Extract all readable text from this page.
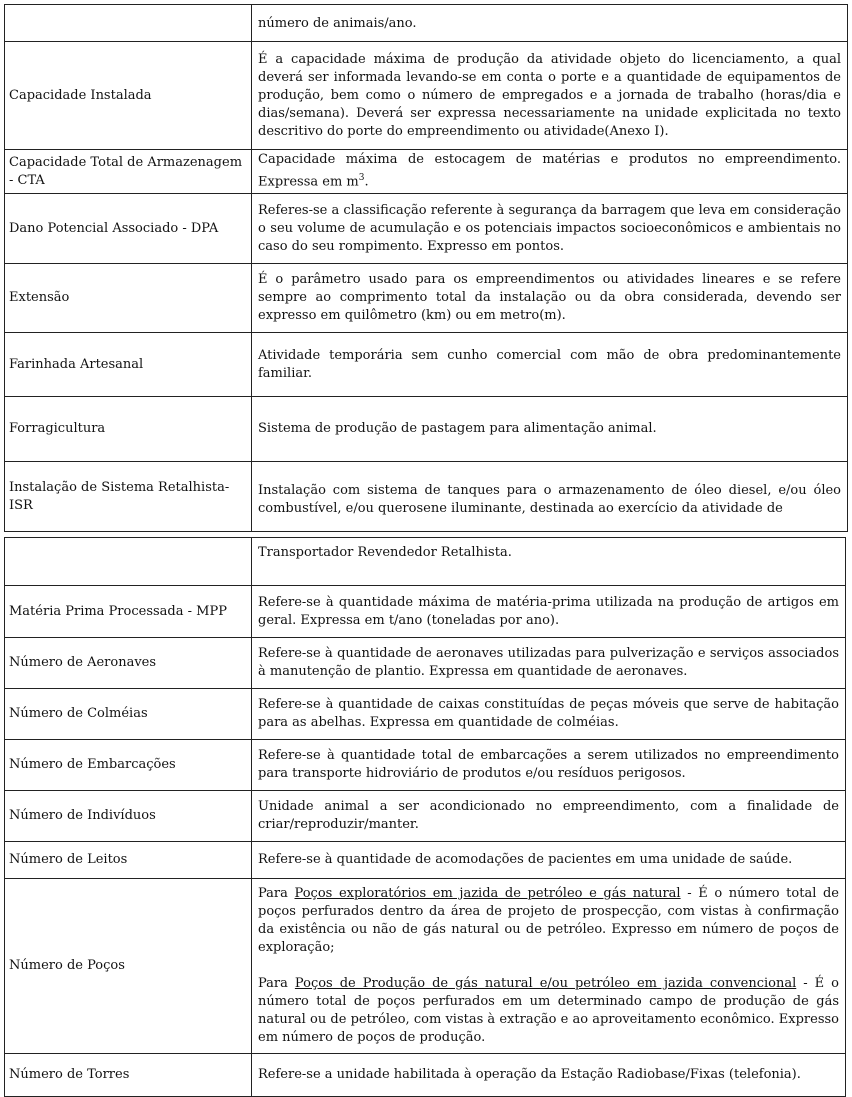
	número de animais/ano.
Capacidade Instalada	É a capacidade máxima de produção da atividade objeto do licenciamento, a qual deverá ser informada levando-se em conta o porte e a quantidade de equipamentos de produção, bem como o número de empregados e a jornada de trabalho (horas/dia e dias/semana). Deverá ser expressa necessariamente na unidade explicitada no texto descritivo do porte do empreendimento ou atividade(Anexo I).
Capacidade Total de Armazenagem - CTA	Capacidade máxima de estocagem de matérias e produtos no empreendimento. Expressa em $m^3$.
Dano Potencial Associado - DPA	Referes-se a classificação referente à segurança da barragem que leva em consideração o seu volume de acumulação e os potenciais impactos socioeconômicos e ambientais no caso do seu rompimento. Expresso em pontos.
Extensão	É o parâmetro usado para os empreendimentos ou atividades lineares e se refere sempre ao comprimento total da instalação ou da obra considerada, devendo ser expresso em quilômetro (km) ou em metro(m).
Farinhada Artesanal	Atividade temporária sem cunho comercial com mão de obra predominantemente familiar.
Forragicultura	Sistema de produção de pastagem para alimentação animal.
Instalação de Sistema Retalhista-ISR	Instalação com sistema de tanques para o armazenamento de óleo diesel, e/ou óleo combustível, e/ou querosene iluminante, destinada ao exercício da atividade de
	Transportador Revendedor Retalhista.
Matéria Prima Processada - MPP	Refere-se à quantidade máxima de matéria-prima utilizada na produção de artigos em geral. Expressa em t/ano (toneladas por ano).
Número de Aeronaves	Refere-se à quantidade de aeronaves utilizadas para pulverização e serviços associados à manutenção de plantio. Expressa em quantidade de aeronaves.
Número de Colméias	Refere-se à quantidade de caixas constituídas de peças móveis que serve de habitação para as abelhas. Expressa em quantidade de colméias.
Número de Embarcações	Refere-se à quantidade total de embarcações a serem utilizados no empreendimento para transporte hidroviário de produtos e/ou resíduos perigosos.
Número de Indivíduos	Unidade animal a ser acondicionado no empreendimento, com a finalidade de criar/reproduzir/manter.
Número de Leitos	Refere-se à quantidade de acomodações de pacientes em uma unidade de saúde.
Número de Poços	Para Poços exploratórios em jazida de petróleo e gás natural - É o número total de poços perfurados dentro da área de projeto de prospecção, com vistas à confirmação da existência ou não de gás natural ou de petróleo. Expresso em número de poços de exploração;
Para Poços de Produção de gás natural e/ou petróleo em jazida convencional - É o número total de poços perfurados em um determinado campo de produção de gás natural ou de petróleo, com vistas à extração e ao aproveitamento econômico. Expresso em número de poços de produção.

Número de Torres	Refere-se a unidade habilitada à operação da Estação Radiobase/Fixas (telefonia).
